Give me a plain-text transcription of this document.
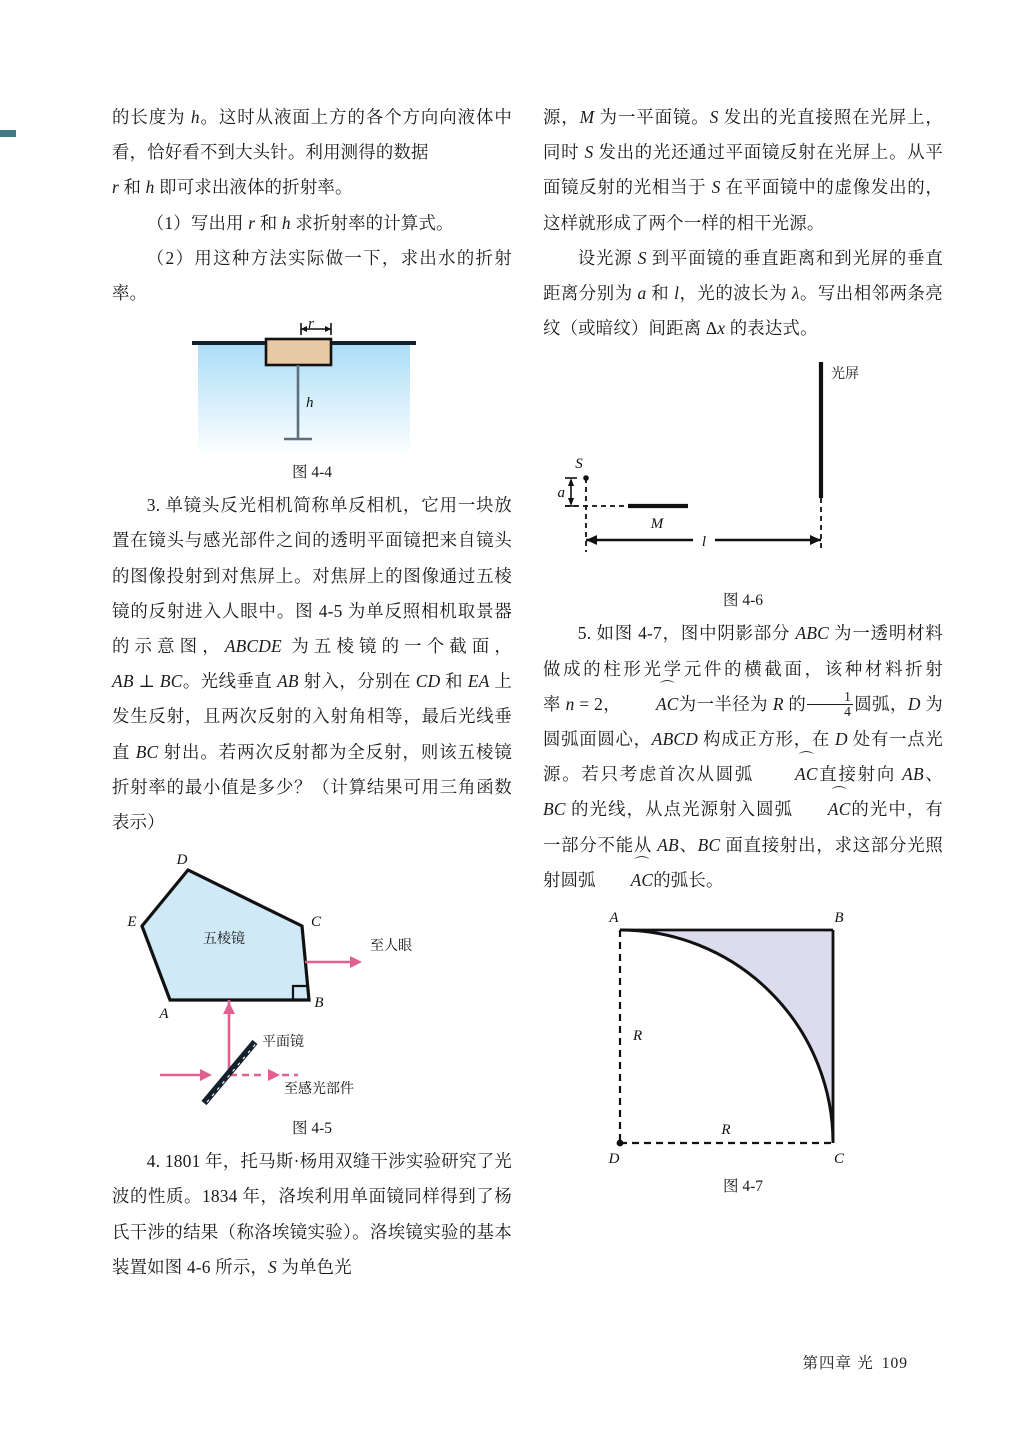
的长度为 h。这时从液面上方的各个方向向液体中看，恰好看不到大头针。利用测得的数据
r 和 h 即可求出液体的折射率。

（1）写出用 r 和 h 求折射率的计算式。

（2）用这种方法实际做一下，求出水的折射率。

r
h
图 4-4

3. 单镜头反光相机简称单反相机，它用一块放置在镜头与感光部件之间的透明平面镜把来自镜头的图像投射到对焦屏上。对焦屏上的图像通过五棱镜的反射进入人眼中。图 4-5 为单反照相机取景器的示意图，ABCDE 为五棱镜的一个截面，AB ⊥ BC。光线垂直 AB 射入，分别在 CD 和 EA 上发生反射，且两次反射的入射角相等，最后光线垂直 BC 射出。若两次反射都为全反射，则该五棱镜折射率的最小值是多少？（计算结果可用三角函数表示）

D
E
A
B
C
五棱镜	至人眼
平面镜
至感光部件
图 4-5

4. 1801 年，托马斯·杨用双缝干涉实验研究了光波的性质。1834 年，洛埃利用单面镜同样得到了杨氏干涉的结果（称洛埃镜实验）。洛埃镜实验的基本装置如图 4-6 所示，S 为单色光

源，M 为一平面镜。S 发出的光直接照在光屏上，同时 S 发出的光还通过平面镜反射在光屏上。从平面镜反射的光相当于 S 在平面镜中的虚像发出的，这样就形成了两个一样的相干光源。

设光源 S 到平面镜的垂直距离和到光屏的垂直距离分别为 a 和 l，光的波长为 λ。写出相邻两条亮纹（或暗纹）间距离 Δx 的表达式。

光屏
S
M
a
l
图 4-6

5. 如图 4-7，图中阴影部分 ABC 为一透明材料做成的柱形光学元件的横截面，该种材料折射率 n = 2，
⌒
AC为一半径为 R 的 $\frac{1}{4}$ 圆弧，D 为圆弧面圆心，ABCD 构成正方形，在 D 处有一点光源。若只考虑首次从圆弧
⌒
AC直接射向 AB、BC 的光线，从点光源射入圆弧
⌒
AC的光中，有一部分不能从 AB、BC 面直接射出，求这部分光照射圆弧
⌒
AC的弧长。

A	B
C
D
R
R
图 4-7
第四章 光 109
